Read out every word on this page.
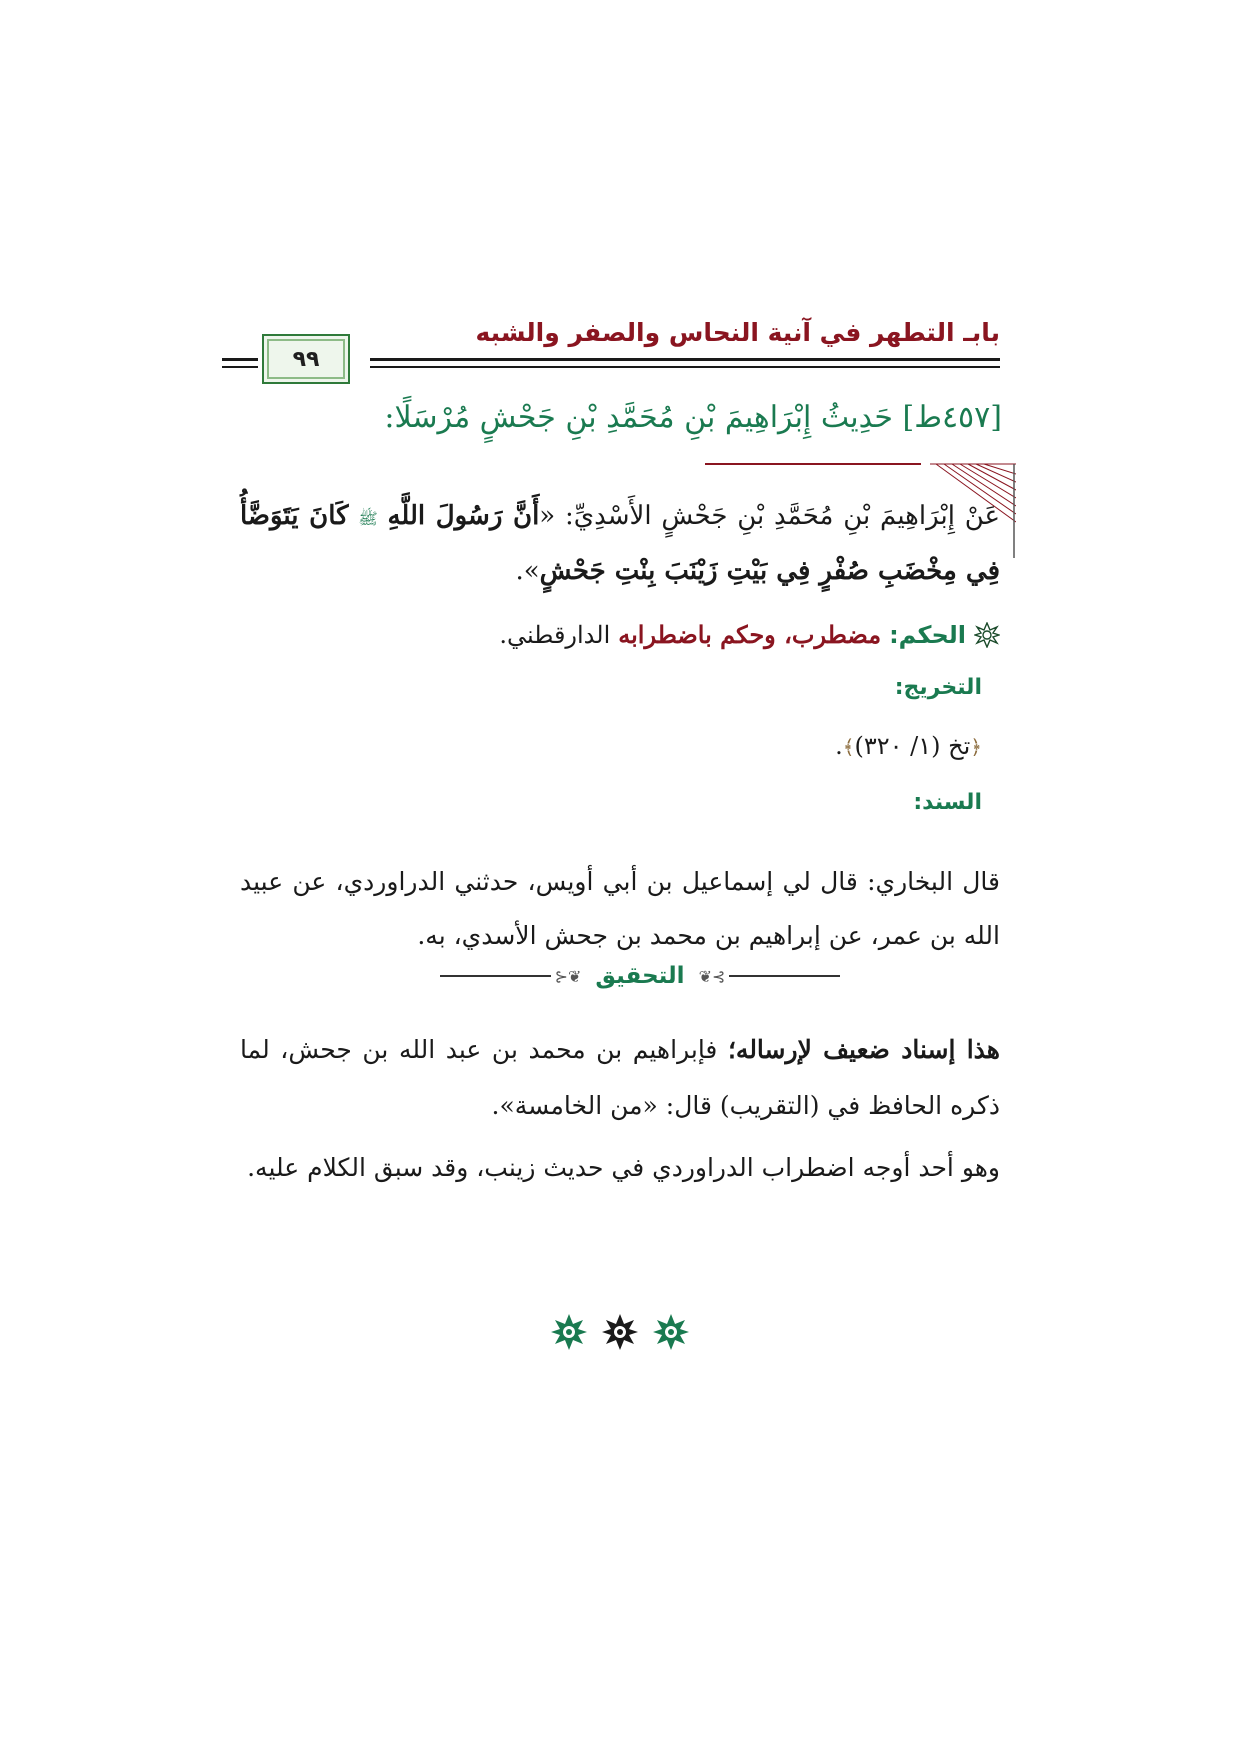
بابـ التطهر في آنية النحاس والصفر والشبه
٩٩
[٤٥٧ط] حَدِيثُ إِبْرَاهِيمَ بْنِ مُحَمَّدِ بْنِ جَحْشٍ مُرْسَلًا:
عَنْ إِبْرَاهِيمَ بْنِ مُحَمَّدِ بْنِ جَحْشٍ الأَسْدِيِّ: «أَنَّ رَسُولَ اللَّهِ ﷺ كَانَ يَتَوَضَّأُ فِي مِخْضَبِ صُفْرٍ فِي بَيْتِ زَيْنَبَ بِنْتِ جَحْشٍ».
الحكم:
مضطرب، وحكم باضطرابه
الدارقطني.
التخريج:
﴿تخ (١/ ٣٢٠)﴾.
السند:
قال البخاري: قال لي إسماعيل بن أبي أويس، حدثني الدراوردي، عن عبيد الله بن عمر، عن إبراهيم بن محمد بن جحش الأسدي، به.
⊱❦
التحقيق
❦⊰
هذا إسناد ضعيف لإرساله؛ فإبراهيم بن محمد بن عبد الله بن جحش، لما ذكره الحافظ في (التقريب) قال: «من الخامسة».
وهو أحد أوجه اضطراب الدراوردي في حديث زينب، وقد سبق الكلام عليه.
